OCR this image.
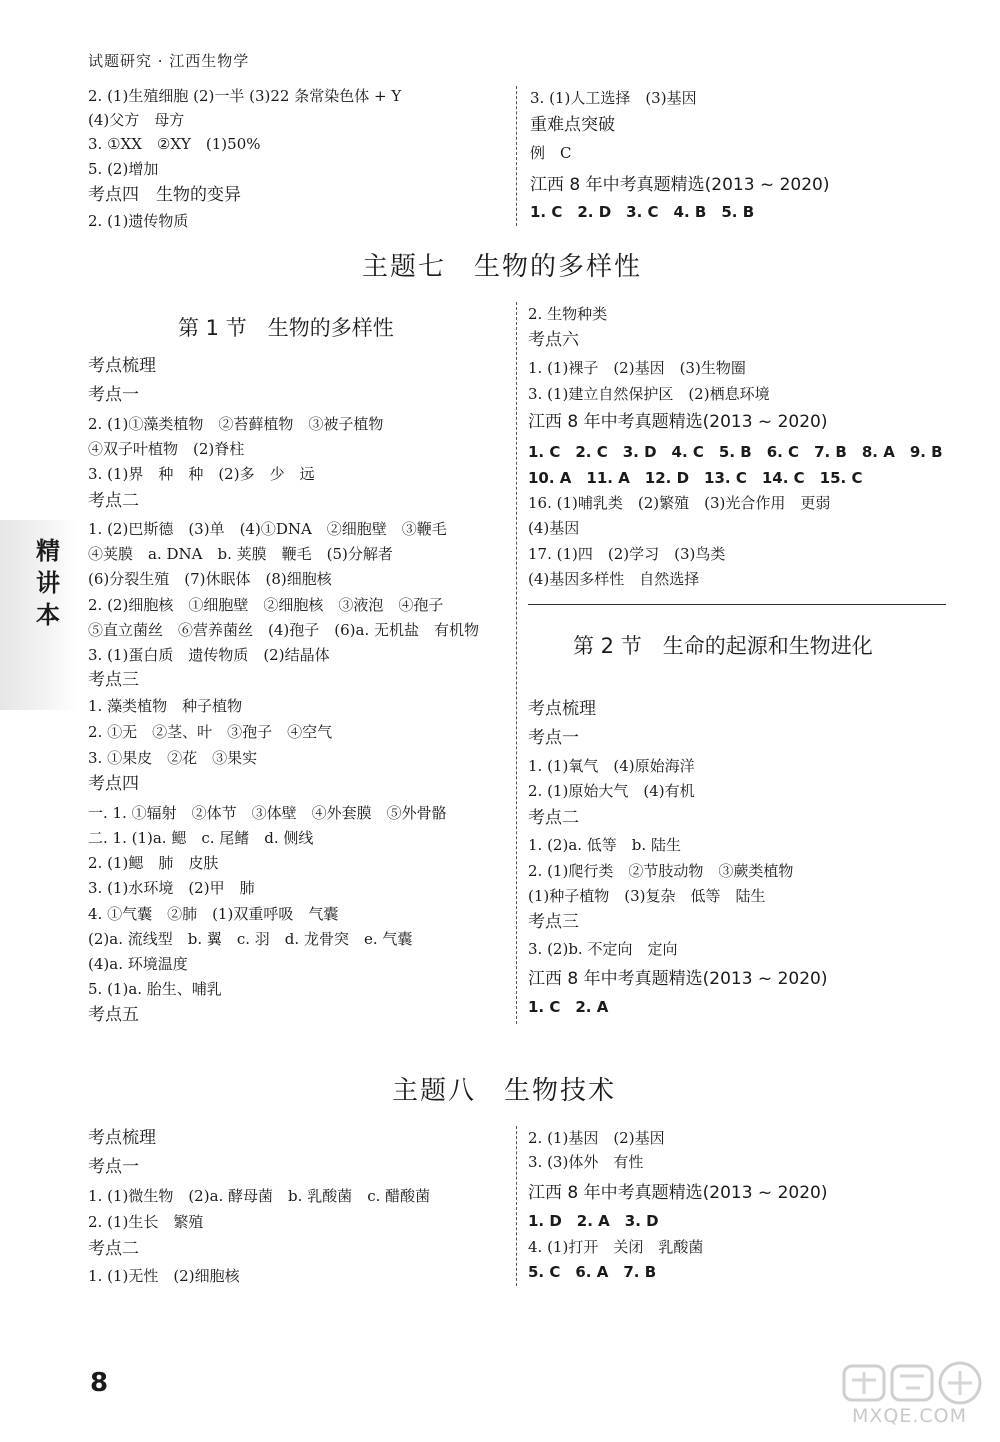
试题研究 · 江西生物学
精
讲
本
2. (1)生殖细胞 (2)一半 (3)22 条常染色体 + Y
(4)父方　母方
3. ①XX　②XY　(1)50%
5. (2)增加
考点四　生物的变异
2. (1)遗传物质
3. (1)人工选择　(3)基因
重难点突破
例　C
江西 8 年中考真题精选(2013 ~ 2020)
1. C　2. D　3. C　4. B　5. B
主题七　生物的多样性
第 1 节　生物的多样性
考点梳理
考点一
2. (1)①藻类植物　②苔藓植物　③被子植物
④双子叶植物　(2)脊柱
3. (1)界　种　种　(2)多　少　远
考点二
1. (2)巴斯德　(3)单　(4)①DNA　②细胞壁　③鞭毛
④荚膜　a. DNA　b. 荚膜　鞭毛　(5)分解者
(6)分裂生殖　(7)休眠体　(8)细胞核
2. (2)细胞核　①细胞壁　②细胞核　③液泡　④孢子
⑤直立菌丝　⑥营养菌丝　(4)孢子　(6)a. 无机盐　有机物
3. (1)蛋白质　遗传物质　(2)结晶体
考点三
1. 藻类植物　种子植物
2. ①无　②茎、叶　③孢子　④空气
3. ①果皮　②花　③果实
考点四
一. 1. ①辐射　②体节　③体壁　④外套膜　⑤外骨骼
二. 1. (1)a. 鳃　c. 尾鳍　d. 侧线
2. (1)鳃　肺　皮肤
3. (1)水环境　(2)甲　肺
4. ①气囊　②肺　(1)双重呼吸　气囊
(2)a. 流线型　b. 翼　c. 羽　d. 龙骨突　e. 气囊
(4)a. 环境温度
5. (1)a. 胎生、哺乳
考点五
2. 生物种类
考点六
1. (1)裸子　(2)基因　(3)生物圈
3. (1)建立自然保护区　(2)栖息环境
江西 8 年中考真题精选(2013 ~ 2020)
1. C　2. C　3. D　4. C　5. B　6. C　7. B　8. A　9. B
10. A　11. A　12. D　13. C　14. C　15. C
16. (1)哺乳类　(2)繁殖　(3)光合作用　更弱
(4)基因
17. (1)四　(2)学习　(3)鸟类
(4)基因多样性　自然选择
第 2 节　生命的起源和生物进化
考点梳理
考点一
1. (1)氧气　(4)原始海洋
2. (1)原始大气　(4)有机
考点二
1. (2)a. 低等　b. 陆生
2. (1)爬行类　②节肢动物　③蕨类植物
(1)种子植物　(3)复杂　低等　陆生
考点三
3. (2)b. 不定向　定向
江西 8 年中考真题精选(2013 ~ 2020)
1. C　2. A
主题八　生物技术
考点梳理
考点一
1. (1)微生物　(2)a. 酵母菌　b. 乳酸菌　c. 醋酸菌
2. (1)生长　繁殖
考点二
1. (1)无性　(2)细胞核
2. (1)基因　(2)基因
3. (3)体外　有性
江西 8 年中考真题精选(2013 ~ 2020)
1. D　2. A　3. D
4. (1)打开　关闭　乳酸菌
5. C　6. A　7. B
8
MXQE.COM
